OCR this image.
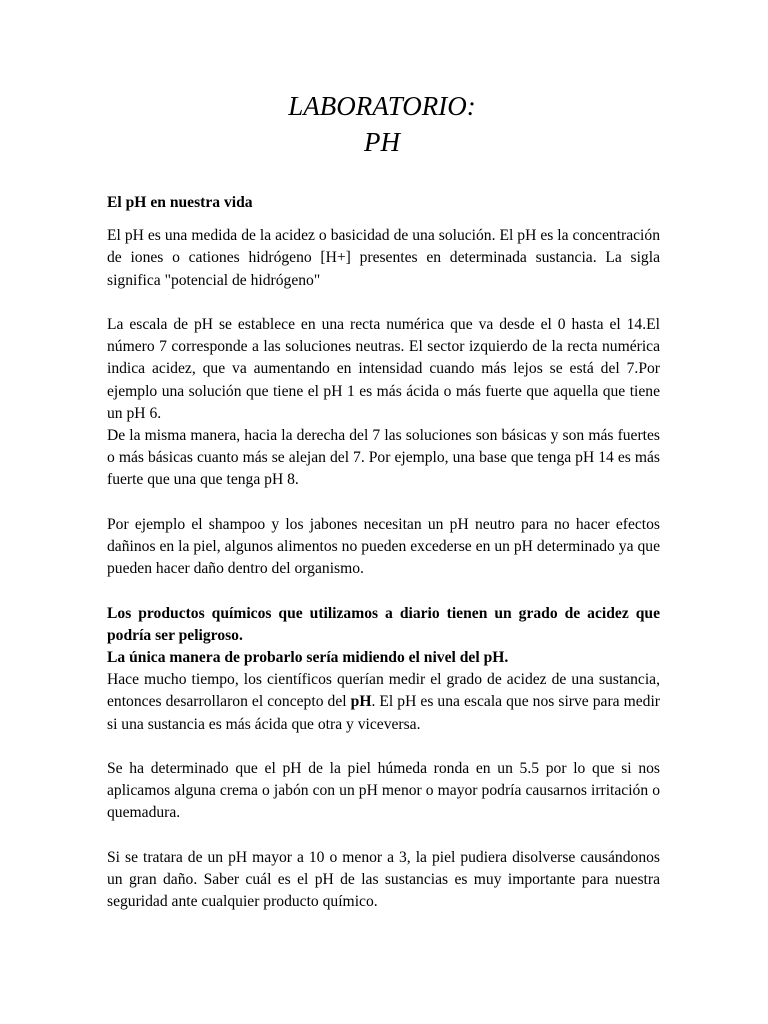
LABORATORIO:
PH

El pH en nuestra vida

El pH es una medida de la acidez o basicidad de una solución. El pH es la concentración de iones o cationes hidrógeno [H+] presentes en determinada sustancia. La sigla significa "potencial de hidrógeno"

La escala de pH se establece en una recta numérica que va desde el 0 hasta el 14.El número 7 corresponde a las soluciones neutras. El sector izquierdo de la recta numérica indica acidez, que va aumentando en intensidad cuando más lejos se está del 7.Por ejemplo una solución que tiene el pH 1 es más ácida o más fuerte que aquella que tiene un pH 6.

De la misma manera, hacia la derecha del 7 las soluciones son básicas y son más fuertes o más básicas cuanto más se alejan del 7. Por ejemplo, una base que tenga pH 14 es más fuerte que una que tenga pH 8.

Por ejemplo el shampoo y los jabones necesitan un pH neutro para no hacer efectos dañinos en la piel, algunos alimentos no pueden excederse en un pH determinado ya que pueden hacer daño dentro del organismo.

Los productos químicos que utilizamos a diario tienen un grado de acidez que podría ser peligroso.

La única manera de probarlo sería midiendo el nivel del pH.

Hace mucho tiempo, los científicos querían medir el grado de acidez de una sustancia, entonces desarrollaron el concepto del pH. El pH es una escala que nos sirve para medir si una sustancia es más ácida que otra y viceversa.

Se ha determinado que el pH de la piel húmeda ronda en un 5.5 por lo que si nos aplicamos alguna crema o jabón con un pH menor o mayor podría causarnos irritación o quemadura.

Si se tratara de un pH mayor a 10 o menor a 3, la piel pudiera disolverse causándonos un gran daño. Saber cuál es el pH de las sustancias es muy importante para nuestra seguridad ante cualquier producto químico.
